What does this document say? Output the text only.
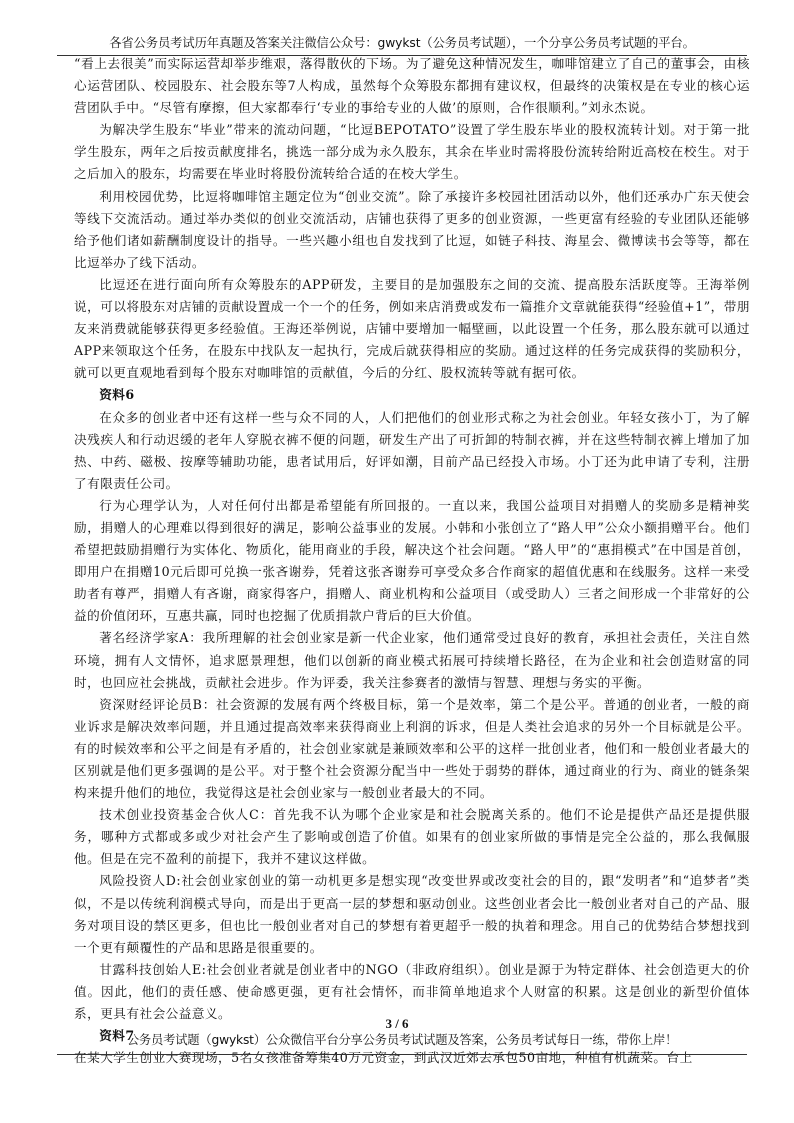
各省公务员考试历年真题及答案关注微信公众号：gwykst（公务员考试题），一个分享公务员考试题的平台。

“看上去很美”而实际运营却举步维艰，落得散伙的下场。为了避免这种情况发生，咖啡馆建立了自己的董事会，由核心运营团队、校园股东、社会股东等7人构成，虽然每个众筹股东都拥有建议权，但最终的决策权是在专业的核心运营团队手中。“尽管有摩擦，但大家都奉行‘专业的事给专业的人做’的原则，合作很顺利。”刘永杰说。

为解决学生股东“毕业”带来的流动问题，“比逗BEPOTATO”设置了学生股东毕业的股权流转计划。对于第一批学生股东，两年之后按贡献度排名，挑选一部分成为永久股东，其余在毕业时需将股份流转给附近高校在校生。对于之后加入的股东，均需要在毕业时将股份流转给合适的在校大学生。

利用校园优势，比逗将咖啡馆主题定位为“创业交流”。除了承接许多校园社团活动以外，他们还承办广东天使会等线下交流活动。通过举办类似的创业交流活动，店铺也获得了更多的创业资源，一些更富有经验的专业团队还能够给予他们诸如薪酬制度设计的指导。一些兴趣小组也自发找到了比逗，如链子科技、海星会、微博读书会等等，都在比逗举办了线下活动。

比逗还在进行面向所有众筹股东的APP研发，主要目的是加强股东之间的交流、提高股东活跃度等。王海举例说，可以将股东对店铺的贡献设置成一个一个的任务，例如来店消费或发布一篇推介文章就能获得“经验值+1”，带朋友来消费就能够获得更多经验值。王海还举例说，店铺中要增加一幅壁画，以此设置一个任务，那么股东就可以通过APP来领取这个任务，在股东中找队友一起执行，完成后就获得相应的奖励。通过这样的任务完成获得的奖励积分，就可以更直观地看到每个股东对咖啡馆的贡献值，今后的分红、股权流转等就有据可依。

资料6

在众多的创业者中还有这样一些与众不同的人，人们把他们的创业形式称之为社会创业。年轻女孩小丁，为了解决残疾人和行动迟缓的老年人穿脱衣裤不便的问题，研发生产出了可折卸的特制衣裤，并在这些特制衣裤上增加了加热、中药、磁极、按摩等辅助功能，患者试用后，好评如潮，目前产品已经投入市场。小丁还为此申请了专利，注册了有限责任公司。

行为心理学认为，人对任何付出都是希望能有所回报的。一直以来，我国公益项目对捐赠人的奖励多是精神奖励，捐赠人的心理难以得到很好的满足，影响公益事业的发展。小韩和小张创立了“路人甲”公众小额捐赠平台。他们希望把鼓励捐赠行为实体化、物质化，能用商业的手段，解决这个社会问题。“路人甲”的“惠捐模式”在中国是首创，即用户在捐赠10元后即可兑换一张吝谢券，凭着这张吝谢券可享受众多合作商家的超值优惠和在线服务。这样一来受助者有尊严，捐赠人有吝谢，商家得客户，捐赠人、商业机构和公益项目（或受助人）三者之间形成一个非常好的公益的价值闭环，互惠共赢，同时也挖掘了优质捐款户背后的巨大价值。

著名经济学家A：我所理解的社会创业家是新一代企业家，他们通常受过良好的教育，承担社会责任，关注自然环境，拥有人文情怀，追求愿景理想，他们以创新的商业模式拓展可持续增长路径，在为企业和社会创造财富的同时，也回应社会挑战，贡献社会进步。作为评委，我关注参赛者的激情与智慧、理想与务实的平衡。

资深财经评论员B：社会资源的发展有两个终极目标，第一个是效率，第二个是公平。普通的创业者，一般的商业诉求是解决效率问题，并且通过提高效率来获得商业上利润的诉求，但是人类社会追求的另外一个目标就是公平。有的时候效率和公平之间是有矛盾的，社会创业家就是兼顾效率和公平的这样一批创业者，他们和一般创业者最大的区别就是他们更多强调的是公平。对于整个社会资源分配当中一些处于弱势的群体，通过商业的行为、商业的链条架构来提升他们的地位，我觉得这是社会创业家与一般创业者最大的不同。

技术创业投资基金合伙人C：首先我不认为哪个企业家是和社会脱离关系的。他们不论是提供产品还是提供服务，哪种方式都或多或少对社会产生了影响或创造了价值。如果有的创业家所做的事情是完全公益的，那么我佩服他。但是在完不盈利的前提下，我并不建议这样做。

风险投资人D:社会创业家创业的第一动机更多是想实现“改变世界或改变社会的目的，跟“发明者”和“追梦者”类似，不是以传统利润模式导向，而是出于更高一层的梦想和驱动创业。这些创业者会比一般创业者对自己的产品、服务对项目设的禁区更多，但也比一般创业者对自己的梦想有着更超乎一般的执着和理念。用自己的优势结合梦想找到一个更有颠覆性的产品和思路是很重要的。

甘露科技创始人E:社会创业者就是创业者中的NGO（非政府组织）。创业是源于为特定群体、社会创造更大的价值。因此，他们的责任感、使命感更强，更有社会情怀，而非简单地追求个人财富的积累。这是创业的新型价值体系，更具有社会公益意义。

资料7

在某大学生创业大赛现场，5名女孩准备筹集40万元资金，到武汉近郊去承包50亩地，种植有机蔬菜。台上

3 / 6
公务员考试题（gwykst）公众微信平台分享公务员考试试题及答案，公务员考试每日一练，带你上岸！
